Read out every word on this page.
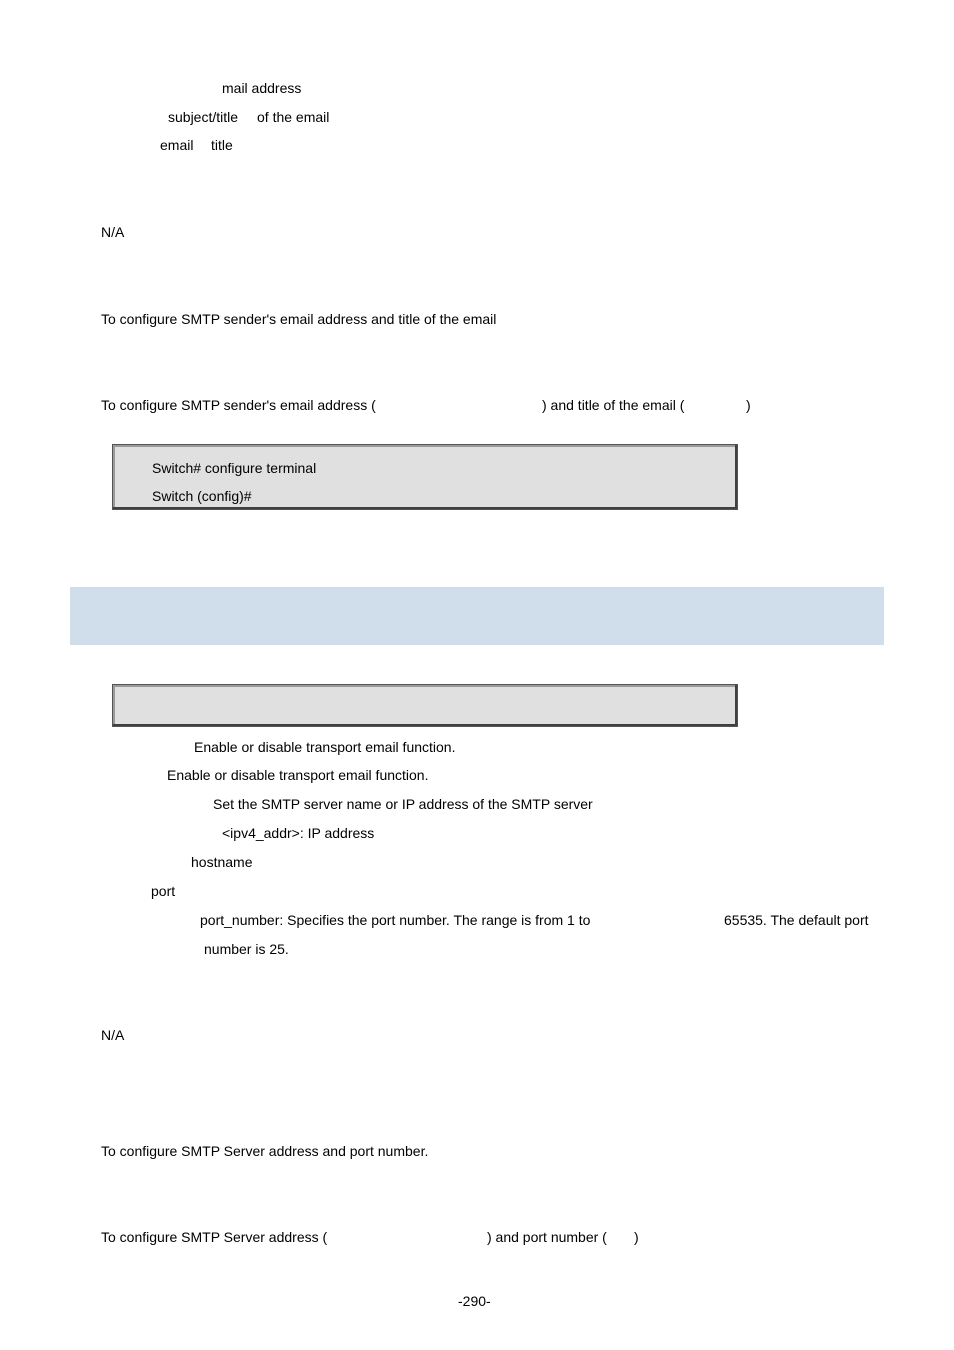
mail address
subject/title of the email
email title
N/A
To configure SMTP sender's email address and title of the email
To configure SMTP sender's email address (	) and title of the email (	)
Switch# configure terminal
Switch (config)#
Enable or disable transport email function.
Enable or disable transport email function.
Set the SMTP server name or IP address of the SMTP server
<ipv4_addr>: IP address
hostname
port
port_number: Specifies the port number. The range is from 1 to	65535. The default port
number is 25.
N/A
To configure SMTP Server address and port number.
To configure SMTP Server address (	) and port number ( )
-290-
